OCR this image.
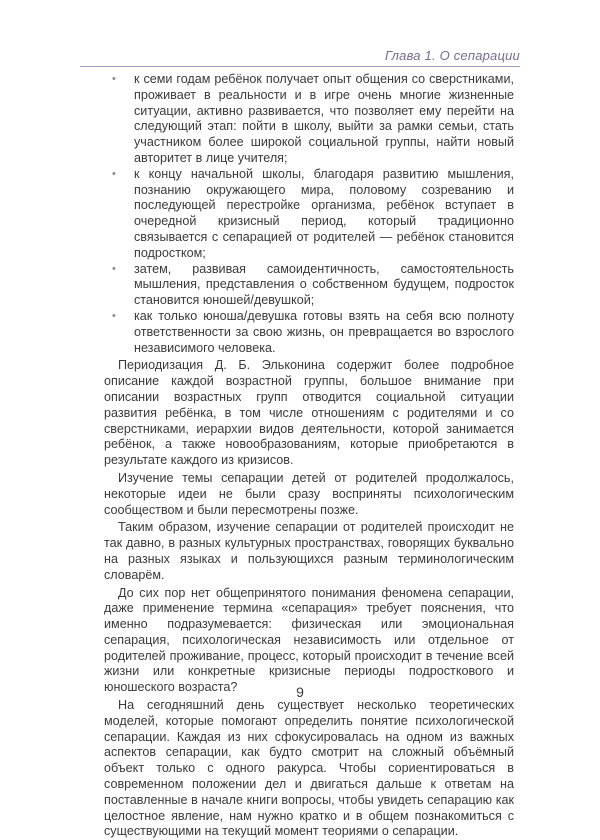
Глава 1. О сепарации
• к семи годам ребёнок получает опыт общения со сверстниками, проживает в реальности и в игре очень многие жизненные ситуации, активно развивается, что позволяет ему перейти на следующий этап: пойти в школу, выйти за рамки семьи, стать участником более широкой социальной группы, найти новый авторитет в лице учителя;
• к концу начальной школы, благодаря развитию мышления, познанию окружающего мира, половому созреванию и последующей перестройке организма, ребёнок вступает в очередной кризисный период, который традиционно связывается с сепарацией от родителей — ребёнок становится подростком;
• затем, развивая самоидентичность, самостоятельность мышления, представления о собственном будущем, подросток становится юношей/девушкой;
• как только юноша/девушка готовы взять на себя всю полноту ответственности за свою жизнь, он превращается во взрослого независимого человека.

Периодизация Д. Б. Эльконина содержит более подробное описание каждой возрастной группы, большое внимание при описании возрастных групп отводится социальной ситуации развития ребёнка, в том числе отношениям с родителями и со сверстниками, иерархии видов деятельности, которой занимается ребёнок, а также новообразованиям, которые приобретаются в результате каждого из кризисов.

Изучение темы сепарации детей от родителей продолжалось, некоторые идеи не были сразу восприняты психологическим сообществом и были пересмотрены позже.

Таким образом, изучение сепарации от родителей происходит не так давно, в разных культурных пространствах, говорящих буквально на разных языках и пользующихся разным терминологическим словарём.

До сих пор нет общепринятого понимания феномена сепарации, даже применение термина «сепарация» требует пояснения, что именно подразумевается: физическая или эмоциональная сепарация, психологическая независимость или отдельное от родителей проживание, процесс, который происходит в течение всей жизни или конкретные кризисные периоды подросткового и юношеского возраста?

На сегодняшний день существует несколько теоретических моделей, которые помогают определить понятие психологической сепарации. Каждая из них сфокусировалась на одном из важных аспектов сепарации, как будто смотрит на сложный объёмный объект только с одного ракурса. Чтобы сориентироваться в современном положении дел и двигаться дальше к ответам на поставленные в начале книги вопросы, чтобы увидеть сепарацию как целостное явление, нам нужно кратко и в общем познакомиться с существующими на текущий момент теориями о сепарации.

9
